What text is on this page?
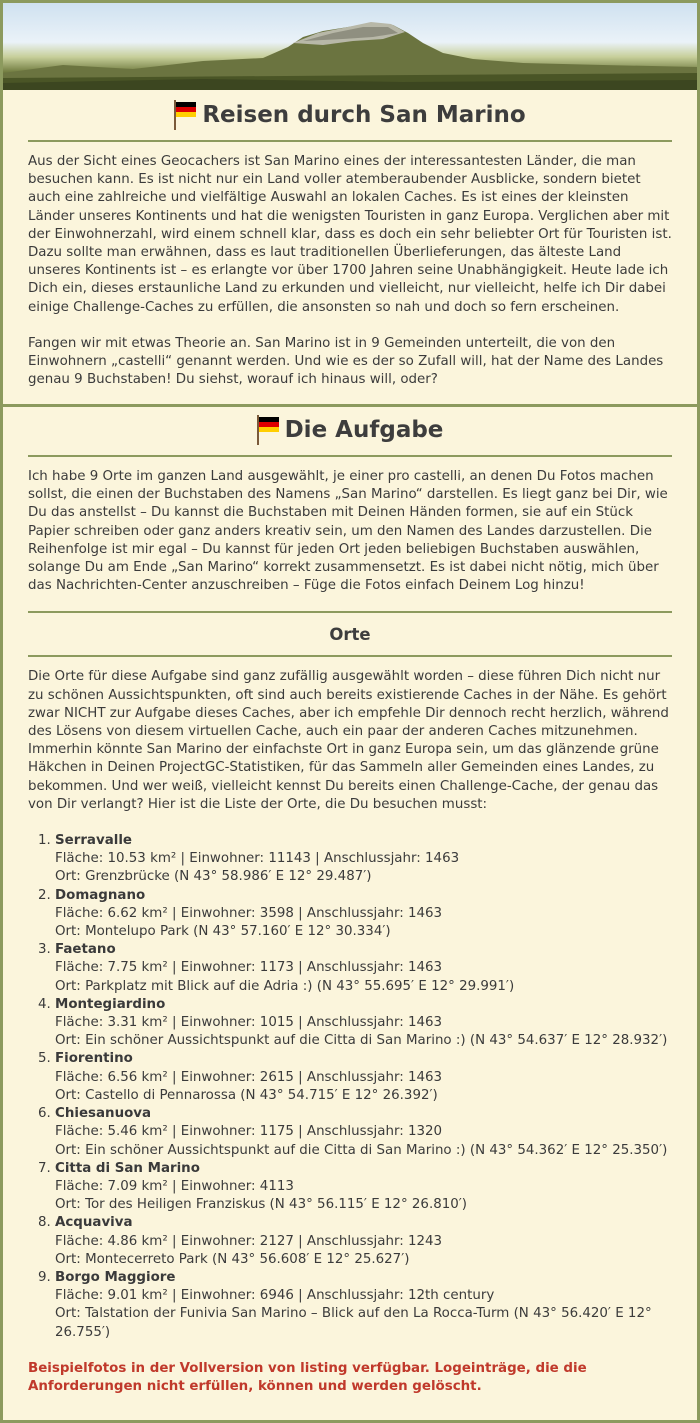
Reisen durch San Marino
Aus der Sicht eines Geocachers ist San Marino eines der interessantesten Länder, die man besuchen kann. Es ist nicht nur ein Land voller atemberaubender Ausblicke, sondern bietet auch eine zahlreiche und vielfältige Auswahl an lokalen Caches. Es ist eines der kleinsten Länder unseres Kontinents und hat die wenigsten Touristen in ganz Europa. Verglichen aber mit der Einwohnerzahl, wird einem schnell klar, dass es doch ein sehr beliebter Ort für Touristen ist. Dazu sollte man erwähnen, dass es laut traditionellen Überlieferungen, das älteste Land unseres Kontinents ist – es erlangte vor über 1700 Jahren seine Unabhängigkeit. Heute lade ich Dich ein, dieses erstaunliche Land zu erkunden und vielleicht, nur vielleicht, helfe ich Dir dabei einige Challenge-Caches zu erfüllen, die ansonsten so nah und doch so fern erscheinen.
Fangen wir mit etwas Theorie an. San Marino ist in 9 Gemeinden unterteilt, die von den Einwohnern „castelli“ genannt werden. Und wie es der so Zufall will, hat der Name des Landes genau 9 Buchstaben! Du siehst, worauf ich hinaus will, oder?
Die Aufgabe
Ich habe 9 Orte im ganzen Land ausgewählt, je einer pro castelli, an denen Du Fotos machen sollst, die einen der Buchstaben des Namens „San Marino“ darstellen. Es liegt ganz bei Dir, wie Du das anstellst – Du kannst die Buchstaben mit Deinen Händen formen, sie auf ein Stück Papier schreiben oder ganz anders kreativ sein, um den Namen des Landes darzustellen. Die Reihenfolge ist mir egal – Du kannst für jeden Ort jeden beliebigen Buchstaben auswählen, solange Du am Ende „San Marino“ korrekt zusammensetzt. Es ist dabei nicht nötig, mich über das Nachrichten-Center anzuschreiben – Füge die Fotos einfach Deinem Log hinzu!
Orte
Die Orte für diese Aufgabe sind ganz zufällig ausgewählt worden – diese führen Dich nicht nur zu schönen Aussichtspunkten, oft sind auch bereits existierende Caches in der Nähe. Es gehört zwar NICHT zur Aufgabe dieses Caches, aber ich empfehle Dir dennoch recht herzlich, während des Lösens von diesem virtuellen Cache, auch ein paar der anderen Caches mitzunehmen. Immerhin könnte San Marino der einfachste Ort in ganz Europa sein, um das glänzende grüne Häkchen in Deinen ProjectGC-Statistiken, für das Sammeln aller Gemeinden eines Landes, zu bekommen. Und wer weiß, vielleicht kennst Du bereits einen Challenge-Cache, der genau das von Dir verlangt? Hier ist die Liste der Orte, die Du besuchen musst:
1. Serravalle
Fläche: 10.53 km² | Einwohner: 11143 | Anschlussjahr: 1463
Ort: Grenzbrücke (N 43° 58.986′ E 12° 29.487′)
2. Domagnano
Fläche: 6.62 km² | Einwohner: 3598 | Anschlussjahr: 1463
Ort: Montelupo Park (N 43° 57.160′ E 12° 30.334′)
3. Faetano
Fläche: 7.75 km² | Einwohner: 1173 | Anschlussjahr: 1463
Ort: Parkplatz mit Blick auf die Adria :) (N 43° 55.695′ E 12° 29.991′)
4. Montegiardino
Fläche: 3.31 km² | Einwohner: 1015 | Anschlussjahr: 1463
Ort: Ein schöner Aussichtspunkt auf die Citta di San Marino :) (N 43° 54.637′ E 12° 28.932′)
5. Fiorentino
Fläche: 6.56 km² | Einwohner: 2615 | Anschlussjahr: 1463
Ort: Castello di Pennarossa (N 43° 54.715′ E 12° 26.392′)
6. Chiesanuova
Fläche: 5.46 km² | Einwohner: 1175 | Anschlussjahr: 1320
Ort: Ein schöner Aussichtspunkt auf die Citta di San Marino :) (N 43° 54.362′ E 12° 25.350′)
7. Citta di San Marino
Fläche: 7.09 km² | Einwohner: 4113
Ort: Tor des Heiligen Franziskus (N 43° 56.115′ E 12° 26.810′)
8. Acquaviva
Fläche: 4.86 km² | Einwohner: 2127 | Anschlussjahr: 1243
Ort: Montecerreto Park (N 43° 56.608′ E 12° 25.627′)
9. Borgo Maggiore
Fläche: 9.01 km² | Einwohner: 6946 | Anschlussjahr: 12th century
Ort: Talstation der Funivia San Marino – Blick auf den La Rocca-Turm (N 43° 56.420′ E 12° 26.755′)
Beispielfotos in der Vollversion von listing verfügbar. Logeinträge, die die Anforderungen nicht erfüllen, können und werden gelöscht.
